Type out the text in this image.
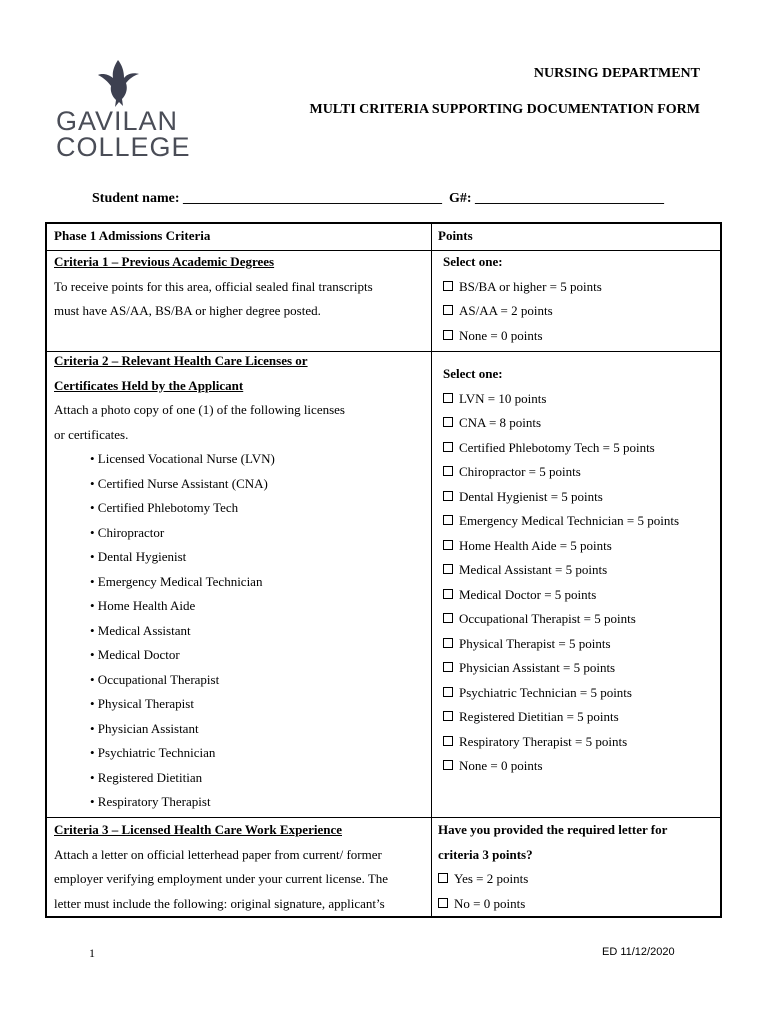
GAVILAN
COLLEGE
NURSING DEPARTMENT
MULTI CRITERIA SUPPORTING DOCUMENTATION FORM
Student name: _____________________________________  G#: ___________________________
Phase 1 Admissions Criteria	Points
Criteria 1 – Previous Academic Degrees
To receive points for this area, official sealed final transcripts
must have AS/AA, BS/BA or higher degree posted.
Select one:
BS/BA or higher = 5 points
AS/AA = 2 points
None = 0 points
Criteria 2 – Relevant Health Care Licenses or
Certificates Held by the Applicant
Attach a photo copy of one (1) of the following licenses
or certificates.
• Licensed Vocational Nurse (LVN)
• Certified Nurse Assistant (CNA)
• Certified Phlebotomy Tech
• Chiropractor
• Dental Hygienist
• Emergency Medical Technician
• Home Health Aide
• Medical Assistant
• Medical Doctor
• Occupational Therapist
• Physical Therapist
• Physician Assistant
• Psychiatric Technician
• Registered Dietitian
• Respiratory Therapist
Select one:
LVN = 10 points
CNA = 8 points
Certified Phlebotomy Tech = 5 points
Chiropractor = 5 points
Dental Hygienist = 5 points
Emergency Medical Technician = 5 points
Home Health Aide = 5 points
Medical Assistant = 5 points
Medical Doctor = 5 points
Occupational Therapist = 5 points
Physical Therapist = 5 points
Physician Assistant = 5 points
Psychiatric Technician = 5 points
Registered Dietitian = 5 points
Respiratory Therapist = 5 points
None = 0 points
Criteria 3 – Licensed Health Care Work Experience
Attach a letter on official letterhead paper from current/ former
employer verifying employment under your current license. The
letter must include the following: original signature, applicant’s
Have you provided the required letter for
criteria 3 points?
Yes = 2 points
No = 0 points
1	ED 11/12/2020
